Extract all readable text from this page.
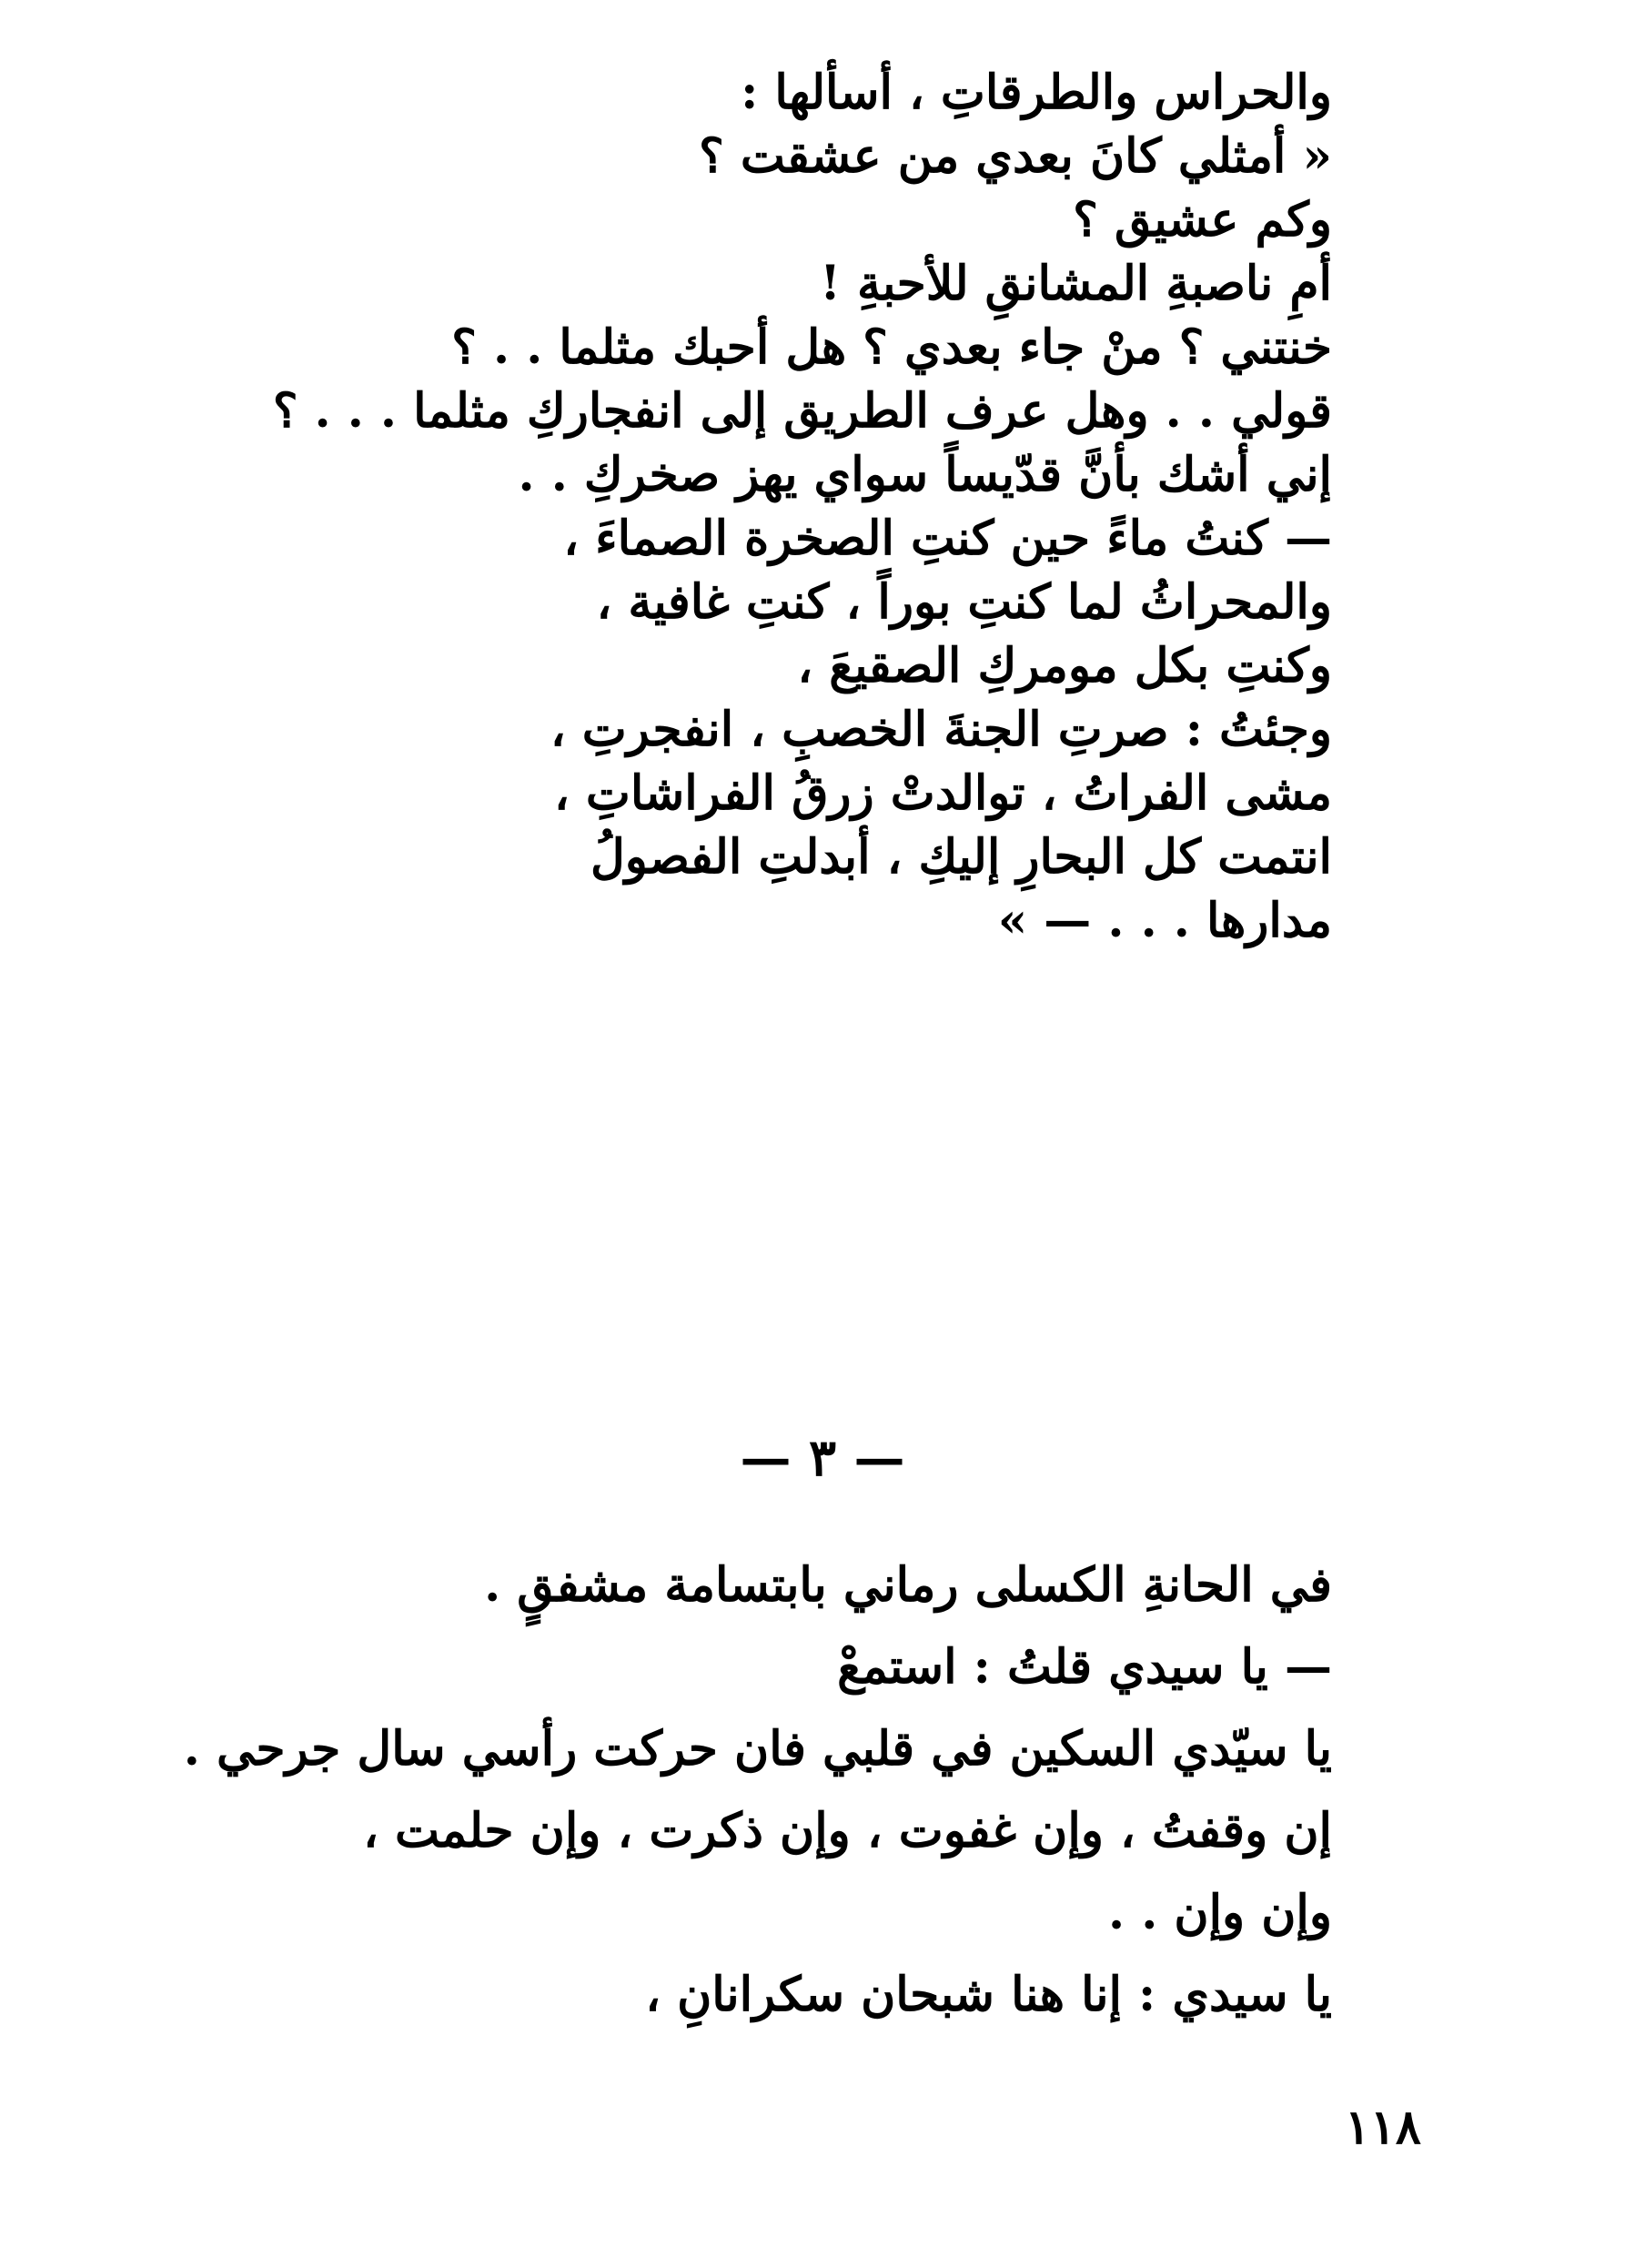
والحراس والطرقاتِ ، أسألها :
« أمثلي كانَ بعدي من عشقت ؟
وكم عشيق ؟
أمِ ناصبةِ المشانقِ للأحبةِ !
خنتني ؟ منْ جاء بعدي ؟ هل أحبك مثلما . . ؟
قولي . . وهل عرف الطريق إلى انفجاركِ مثلما . . . ؟
إني أشك بأنَّ قدّيساً سواي يهز صخركِ . .
— كنتُ ماءً حين كنتِ الصخرة الصماءَ ،
والمحراثُ لما كنتِ بوراً ، كنتِ غافية ،
وكنتِ بكل مومركِ الصقيعَ ،
وجئتُ : صرتِ الجنةَ الخصبِ ، انفجرتِ ،
مشى الفراتُ ، توالدتْ زرقُ الفراشاتِ ،
انتمت كل البحارِ إليكِ ، أبدلتِ الفصولُ
مدارها . . . — »
— ٣ —
في الحانةِ الكسلى رماني بابتسامة مشفقٍ .
— يا سيدي قلتُ : استمعْ
يا سيّدي السكين في قلبي فان حركت رأسي سال جرحي .
إن وقفتُ ، وإن غفوت ، وإن ذكرت ، وإن حلمت ،
وإن وإن . .
يا سيدي : إنا هنا شبحان سكرانانِ ،
١١٨
